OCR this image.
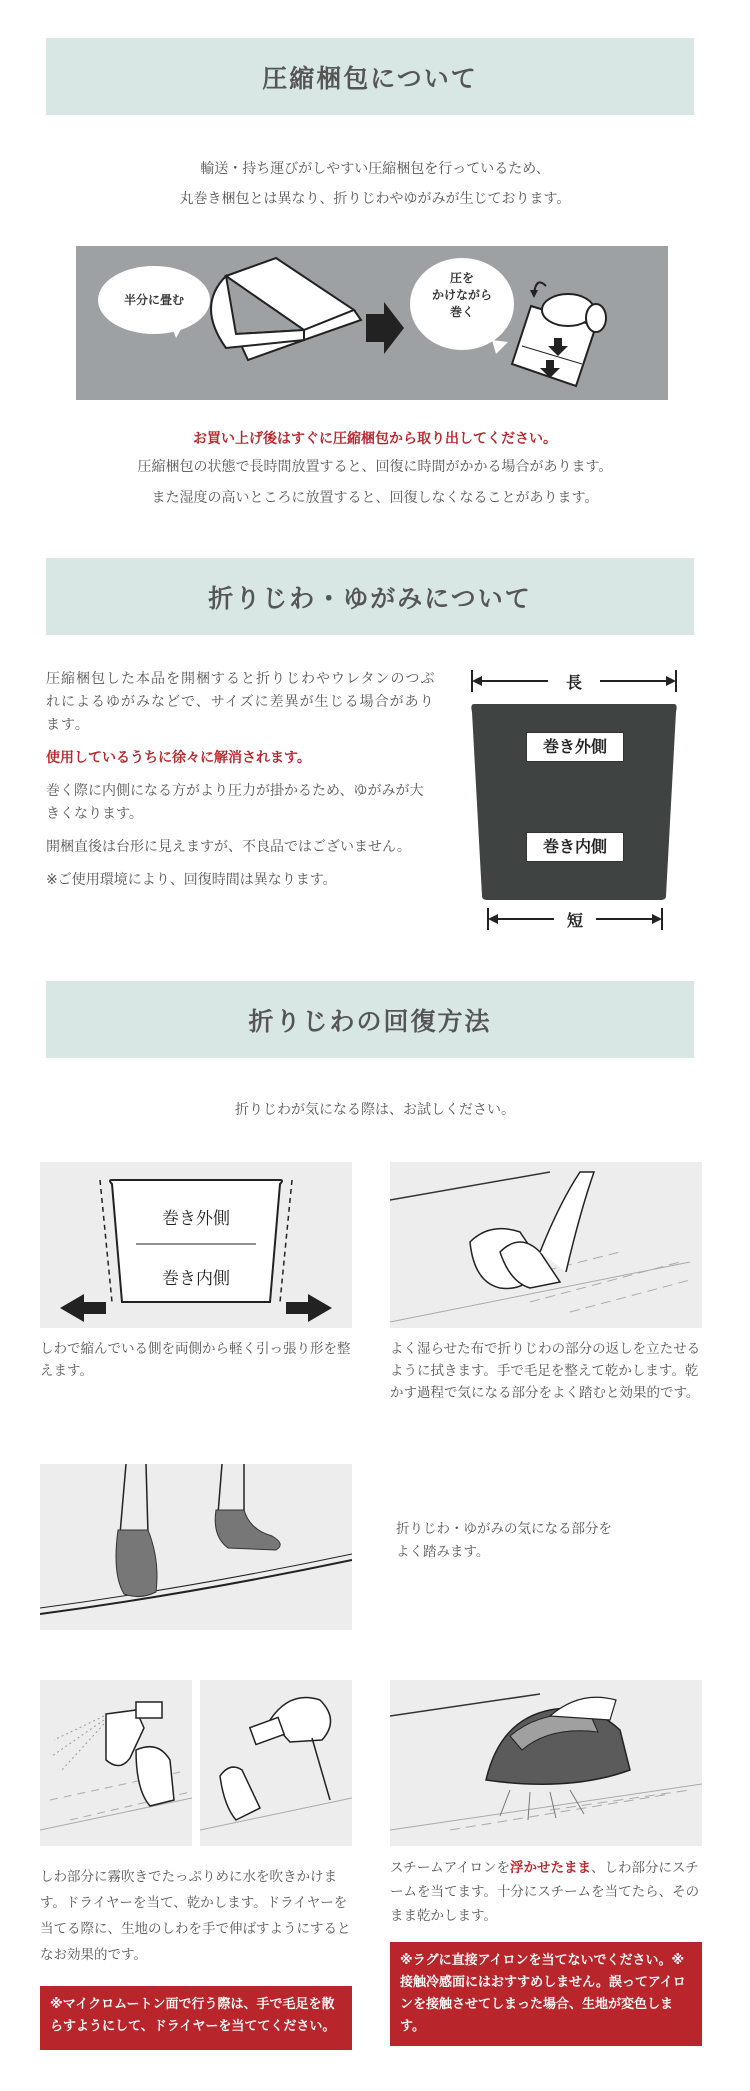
圧縮梱包について
輸送・持ち運びがしやすい圧縮梱包を行っているため、
丸巻き梱包とは異なり、折りじわやゆがみが生じております。
半分に畳む
圧を
かけながら
巻く
お買い上げ後はすぐに圧縮梱包から取り出してください。
圧縮梱包の状態で長時間放置すると、回復に時間がかかる場合があります。
また湿度の高いところに放置すると、回復しなくなることがあります。
折りじわ・ゆがみについて

圧縮梱包した本品を開梱すると折りじわやウレタンのつぶれによるゆがみなどで、サイズに差異が生じる場合があります。

使用しているうちに徐々に解消されます。

巻く際に内側になる方がより圧力が掛かるため、ゆがみが大きくなります。

開梱直後は台形に見えますが、不良品ではございません。

※ご使用環境により、回復時間は異なります。

長
短
巻き外側
巻き内側
折りじわの回復方法
折りじわが気になる際は、お試しください。
巻き外側
巻き内側

しわで縮んでいる側を両側から軽く引っ張り形を整えます。

よく湿らせた布で折りじわの部分の返しを立たせるように拭きます。手で毛足を整えて乾かします。乾かす過程で気になる部分をよく踏むと効果的です。

折りじわ・ゆがみの気になる部分を
よく踏みます。

しわ部分に霧吹きでたっぷりめに水を吹きかけます。ドライヤーを当て、乾かします。ドライヤーを当てる際に、生地のしわを手で伸ばすようにするとなお効果的です。

※マイクロムートン面で行う際は、手で毛足を散らすようにして、ドライヤーを当ててください。

スチームアイロンを浮かせたまま、しわ部分にスチームを当てます。十分にスチームを当てたら、そのまま乾かします。

※ラグに直接アイロンを当てないでください。※接触冷感面にはおすすめしません。誤ってアイロンを接触させてしまった場合、生地が変色します。
